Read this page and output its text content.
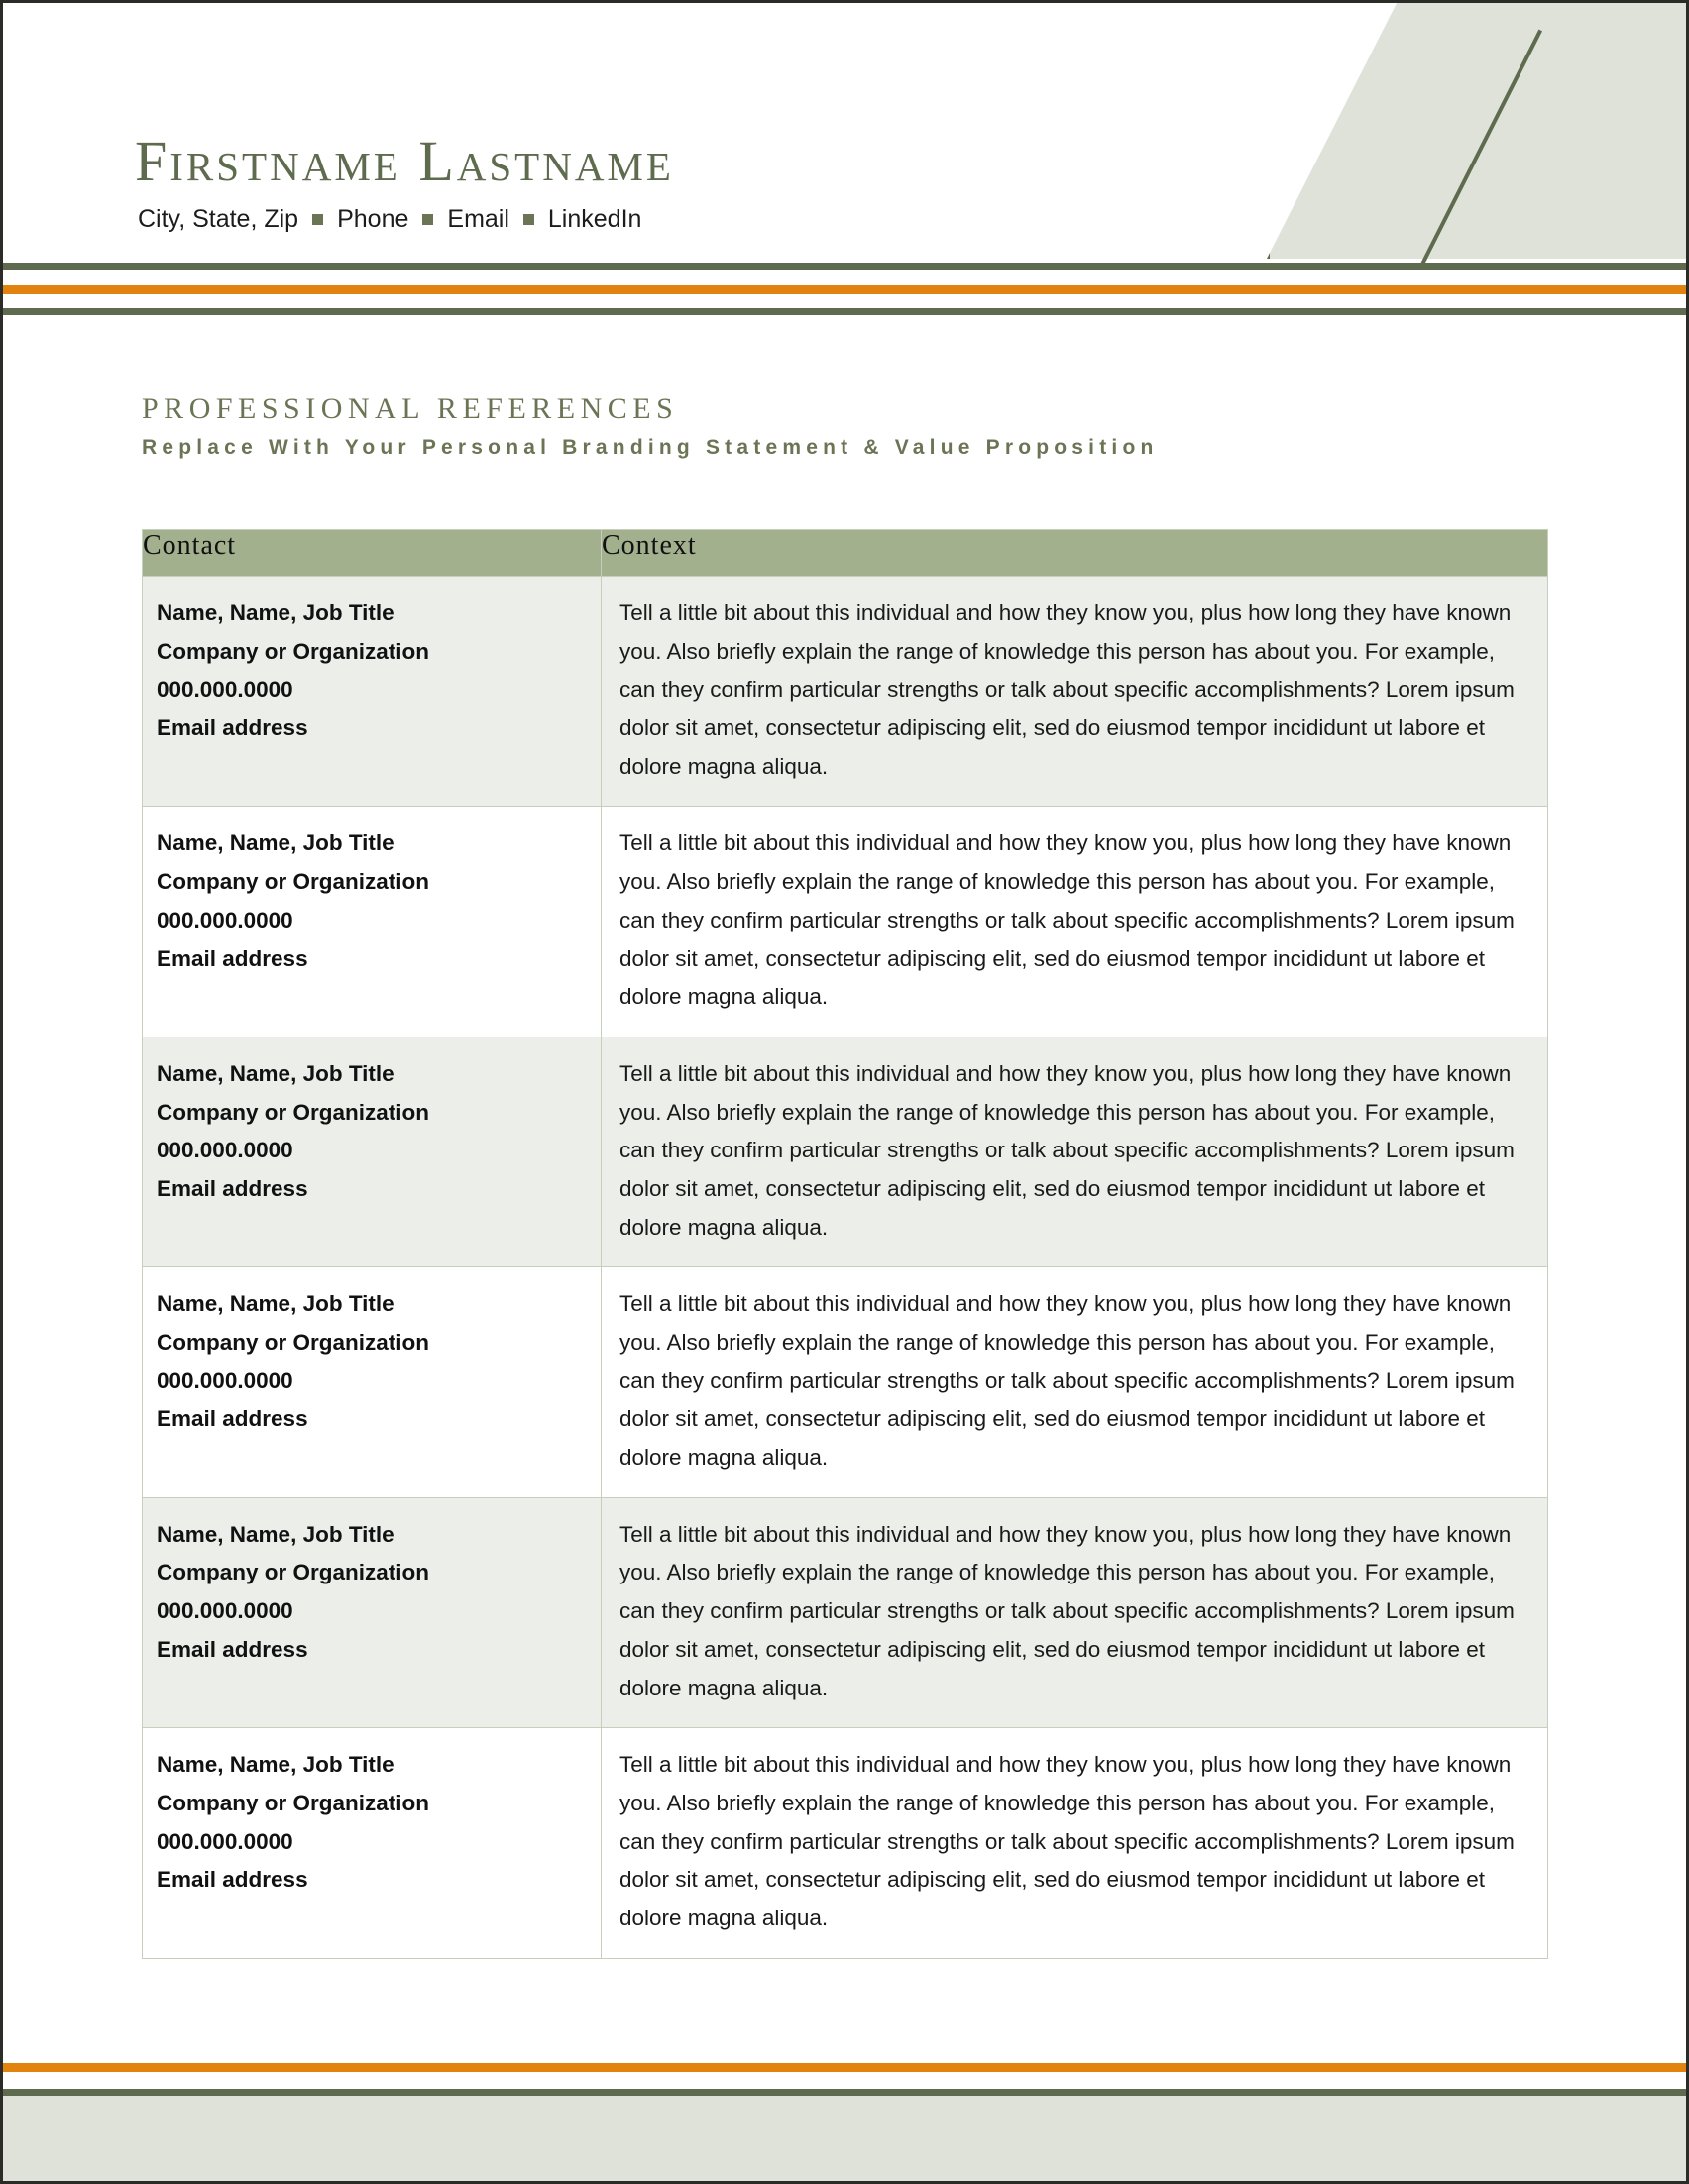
Firstname Lastname
City, State, Zip Phone Email LinkedIn
PROFESSIONAL REFERENCES

Replace With Your Personal Branding Statement & Value Proposition

Contact	Context

Name, Name, Job Title
Company or Organization
000.000.0000
Email address
	Tell a little bit about this individual and how they know you, plus how long they have known you. Also briefly explain the range of knowledge this person has about you. For example, can they confirm particular strengths or talk about specific accomplishments? Lorem ipsum dolor sit amet, consectetur adipiscing elit, sed do eiusmod tempor incididunt ut labore et dolore magna aliqua.

Name, Name, Job Title
Company or Organization
000.000.0000
Email address
	Tell a little bit about this individual and how they know you, plus how long they have known you. Also briefly explain the range of knowledge this person has about you. For example, can they confirm particular strengths or talk about specific accomplishments? Lorem ipsum dolor sit amet, consectetur adipiscing elit, sed do eiusmod tempor incididunt ut labore et dolore magna aliqua.

Name, Name, Job Title
Company or Organization
000.000.0000
Email address
	Tell a little bit about this individual and how they know you, plus how long they have known you. Also briefly explain the range of knowledge this person has about you. For example, can they confirm particular strengths or talk about specific accomplishments? Lorem ipsum dolor sit amet, consectetur adipiscing elit, sed do eiusmod tempor incididunt ut labore et dolore magna aliqua.

Name, Name, Job Title
Company or Organization
000.000.0000
Email address
	Tell a little bit about this individual and how they know you, plus how long they have known you. Also briefly explain the range of knowledge this person has about you. For example, can they confirm particular strengths or talk about specific accomplishments? Lorem ipsum dolor sit amet, consectetur adipiscing elit, sed do eiusmod tempor incididunt ut labore et dolore magna aliqua.

Name, Name, Job Title
Company or Organization
000.000.0000
Email address
	Tell a little bit about this individual and how they know you, plus how long they have known you. Also briefly explain the range of knowledge this person has about you. For example, can they confirm particular strengths or talk about specific accomplishments? Lorem ipsum dolor sit amet, consectetur adipiscing elit, sed do eiusmod tempor incididunt ut labore et dolore magna aliqua.

Name, Name, Job Title
Company or Organization
000.000.0000
Email address
	Tell a little bit about this individual and how they know you, plus how long they have known you. Also briefly explain the range of knowledge this person has about you. For example, can they confirm particular strengths or talk about specific accomplishments? Lorem ipsum dolor sit amet, consectetur adipiscing elit, sed do eiusmod tempor incididunt ut labore et dolore magna aliqua.
